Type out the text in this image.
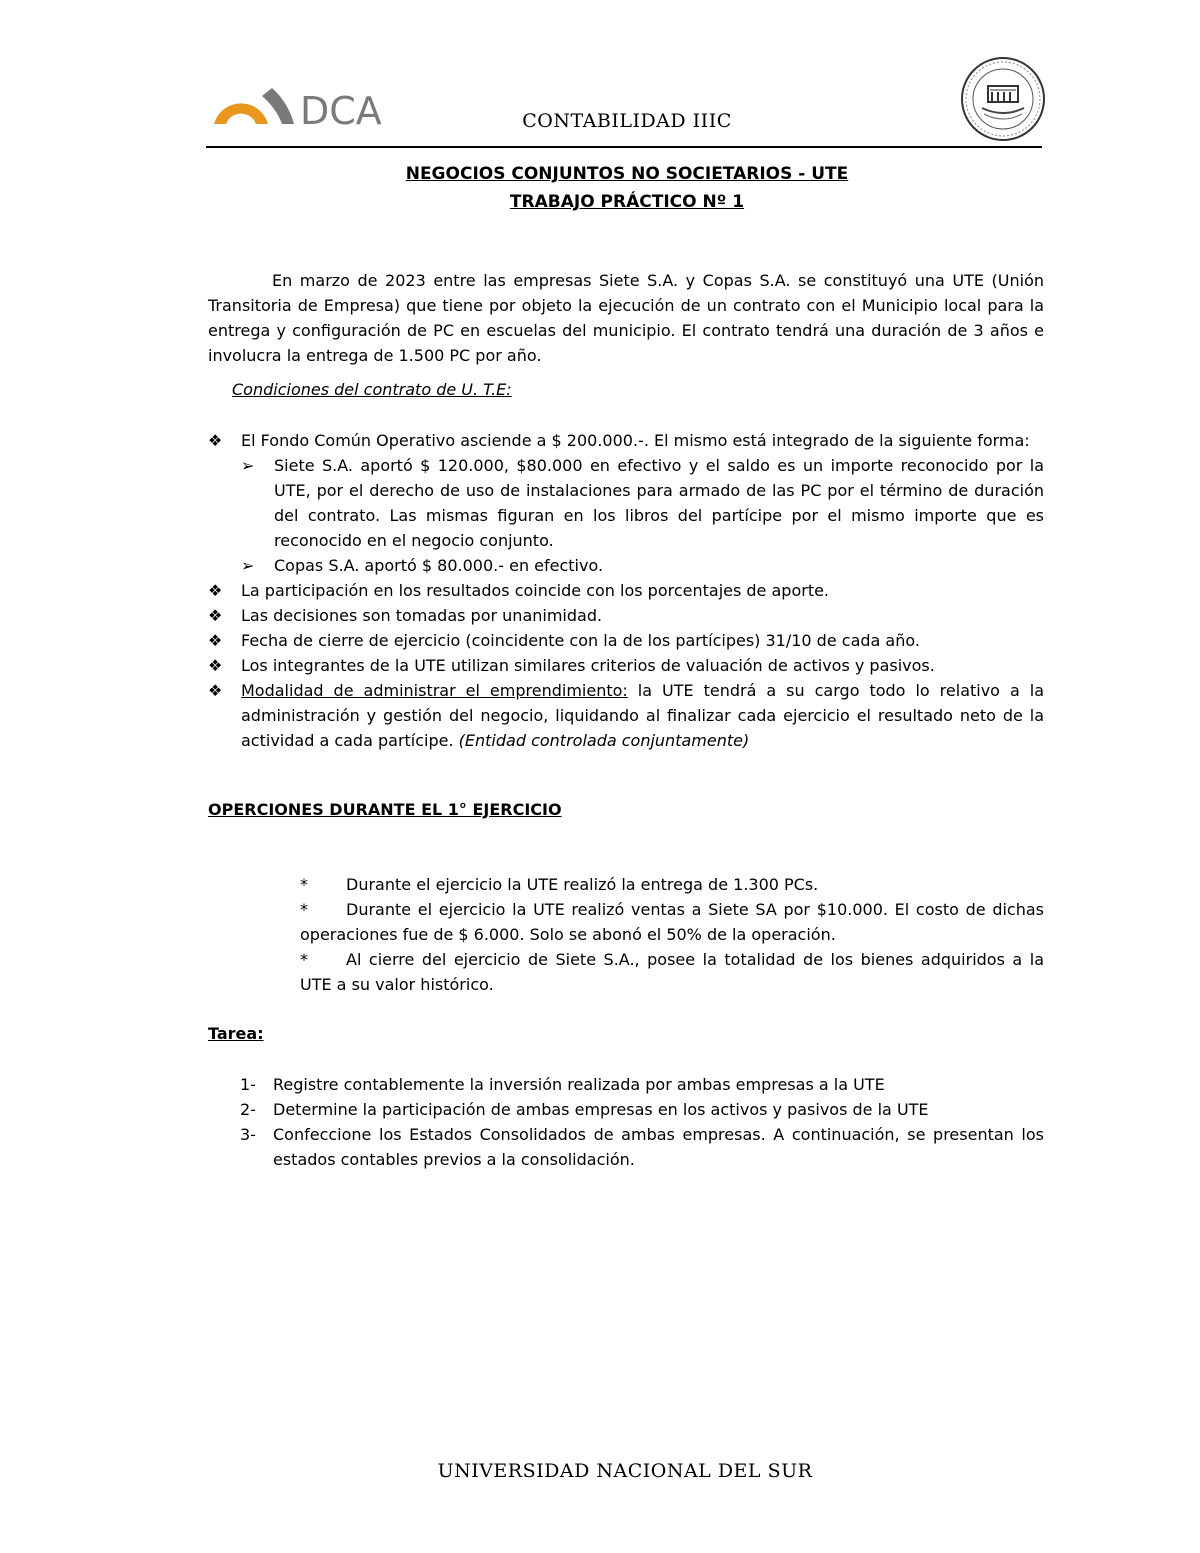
DCA	CONTABILIDAD IIIC
NEGOCIOS CONJUNTOS NO SOCIETARIOS - UTE
TRABAJO PRÁCTICO Nº 1
En marzo de 2023 entre las empresas Siete S.A. y Copas S.A. se constituyó una UTE (Unión Transitoria de Empresa) que tiene por objeto la ejecución de un contrato con el Municipio local para la entrega y configuración de PC en escuelas del municipio. El contrato tendrá una duración de 3 años e involucra la entrega de 1.500 PC por año.
Condiciones del contrato de U. T.E:
❖	El Fondo Común Operativo asciende a $ 200.000.-. El mismo está integrado de la siguiente forma:
➢ Siete S.A. aportó $ 120.000, $80.000 en efectivo y el saldo es un importe reconocido por la UTE, por el derecho de uso de instalaciones para armado de las PC por el término de duración del contrato. Las mismas figuran en los libros del partícipe por el mismo importe que es reconocido en el negocio conjunto.
➢ Copas S.A. aportó $ 80.000.- en efectivo.
❖	La participación en los resultados coincide con los porcentajes de aporte.
❖	Las decisiones son tomadas por unanimidad.
❖	Fecha de cierre de ejercicio (coincidente con la de los partícipes) 31/10 de cada año.
❖	Los integrantes de la UTE utilizan similares criterios de valuación de activos y pasivos.
❖	Modalidad de administrar el emprendimiento: la UTE tendrá a su cargo todo lo relativo a la administración y gestión del negocio, liquidando al finalizar cada ejercicio el resultado neto de la actividad a cada partícipe. (Entidad controlada conjuntamente)
OPERCIONES DURANTE EL 1° EJERCICIO
* Durante el ejercicio la UTE realizó la entrega de 1.300 PCs.
* Durante el ejercicio la UTE realizó ventas a Siete SA por $10.000. El costo de dichas operaciones fue de $ 6.000. Solo se abonó el 50% de la operación.
* Al cierre del ejercicio de Siete S.A., posee la totalidad de los bienes adquiridos a la UTE a su valor histórico.
Tarea:
1- Registre contablemente la inversión realizada por ambas empresas a la UTE
2- Determine la participación de ambas empresas en los activos y pasivos de la UTE
3- Confeccione los Estados Consolidados de ambas empresas. A continuación, se presentan los estados contables previos a la consolidación.
UNIVERSIDAD NACIONAL DEL SUR
